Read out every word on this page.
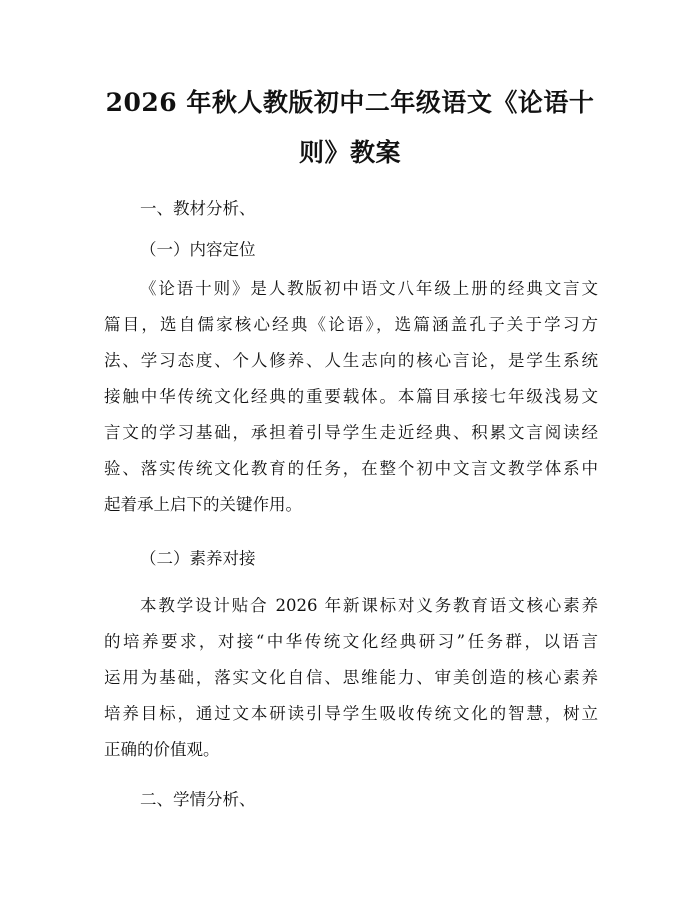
2026 年秋人教版初中二年级语文《论语十
则》教案
一、教材分析、
（一）内容定位
《论语十则》是人教版初中语文八年级上册的经典文言文
篇目，选自儒家核心经典《论语》，选篇涵盖孔子关于学习方
法、学习态度、个人修养、人生志向的核心言论，是学生系统
接触中华传统文化经典的重要载体。本篇目承接七年级浅易文
言文的学习基础，承担着引导学生走近经典、积累文言阅读经
验、落实传统文化教育的任务，在整个初中文言文教学体系中
起着承上启下的关键作用。
（二）素养对接
本教学设计贴合 2026 年新课标对义务教育语文核心素养
的培养要求，对接“中华传统文化经典研习”任务群，以语言
运用为基础，落实文化自信、思维能力、审美创造的核心素养
培养目标，通过文本研读引导学生吸收传统文化的智慧，树立
正确的价值观。
二、学情分析、
